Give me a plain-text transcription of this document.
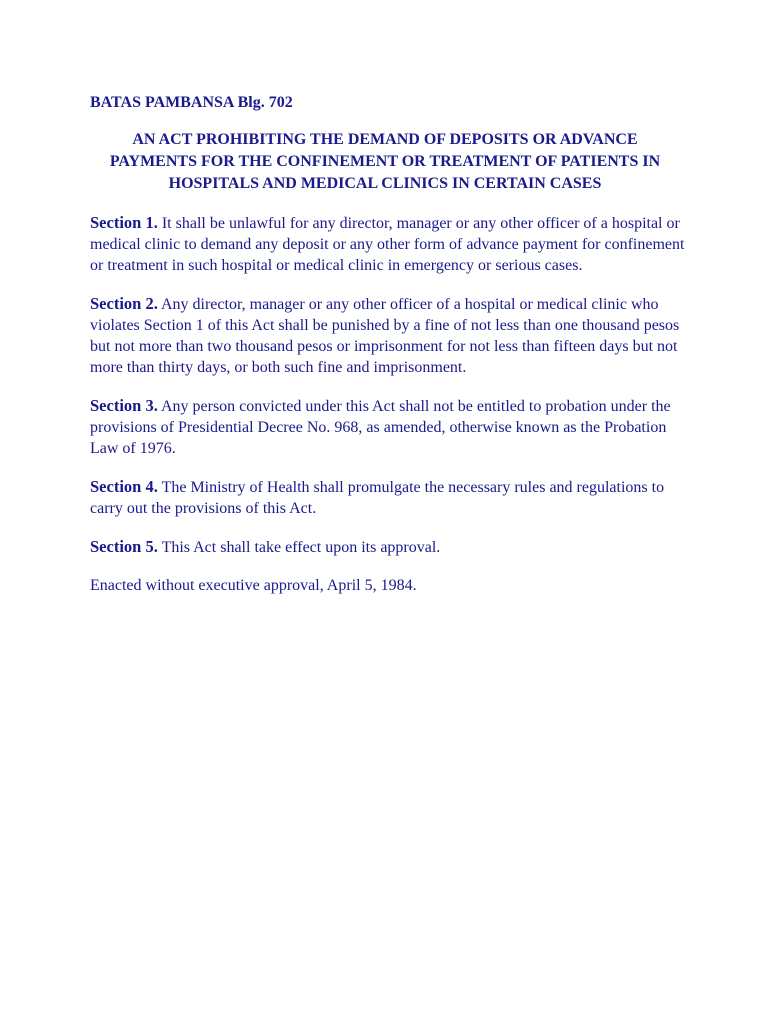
BATAS PAMBANSA Blg. 702
AN ACT PROHIBITING THE DEMAND OF DEPOSITS OR ADVANCE PAYMENTS FOR THE CONFINEMENT OR TREATMENT OF PATIENTS IN HOSPITALS AND MEDICAL CLINICS IN CERTAIN CASES

Section 1. It shall be unlawful for any director, manager or any other officer of a hospital or medical clinic to demand any deposit or any other form of advance payment for confinement or treatment in such hospital or medical clinic in emergency or serious cases.

Section 2. Any director, manager or any other officer of a hospital or medical clinic who violates Section 1 of this Act shall be punished by a fine of not less than one thousand pesos but not more than two thousand pesos or imprisonment for not less than fifteen days but not more than thirty days, or both such fine and imprisonment.

Section 3. Any person convicted under this Act shall not be entitled to probation under the provisions of Presidential Decree No. 968, as amended, otherwise known as the Probation Law of 1976.

Section 4. The Ministry of Health shall promulgate the necessary rules and regulations to carry out the provisions of this Act.

Section 5. This Act shall take effect upon its approval.

Enacted without executive approval, April 5, 1984.
